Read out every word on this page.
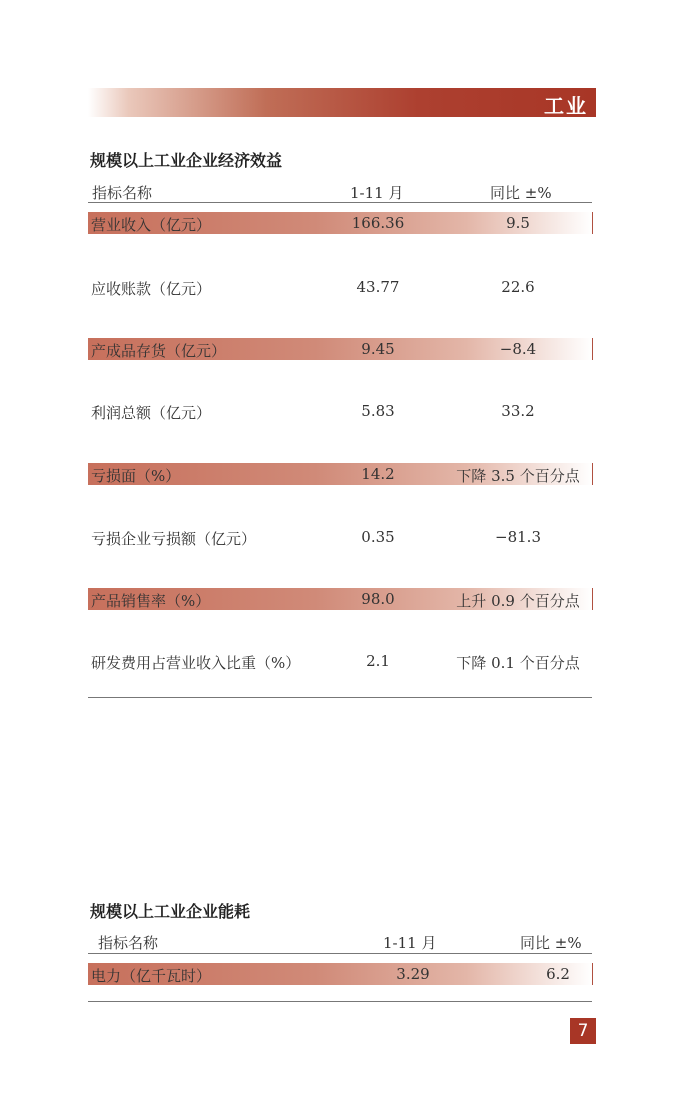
工业
规模以上工业企业经济效益
指标名称	1-11 月	同比 ±%
营业收入（亿元）	166.36	9.5
应收账款（亿元）	43.77	22.6
产成品存货（亿元）	9.45	−8.4
利润总额（亿元）	5.83	33.2
亏损面（%）	14.2	下降 3.5 个百分点
亏损企业亏损额（亿元）	0.35	−81.3
产品销售率（%）	98.0	上升 0.9 个百分点
研发费用占营业收入比重（%）	2.1	下降 0.1 个百分点
规模以上工业企业能耗
指标名称	1-11 月	同比 ±%
电力（亿千瓦时）	3.29	6.2
7
